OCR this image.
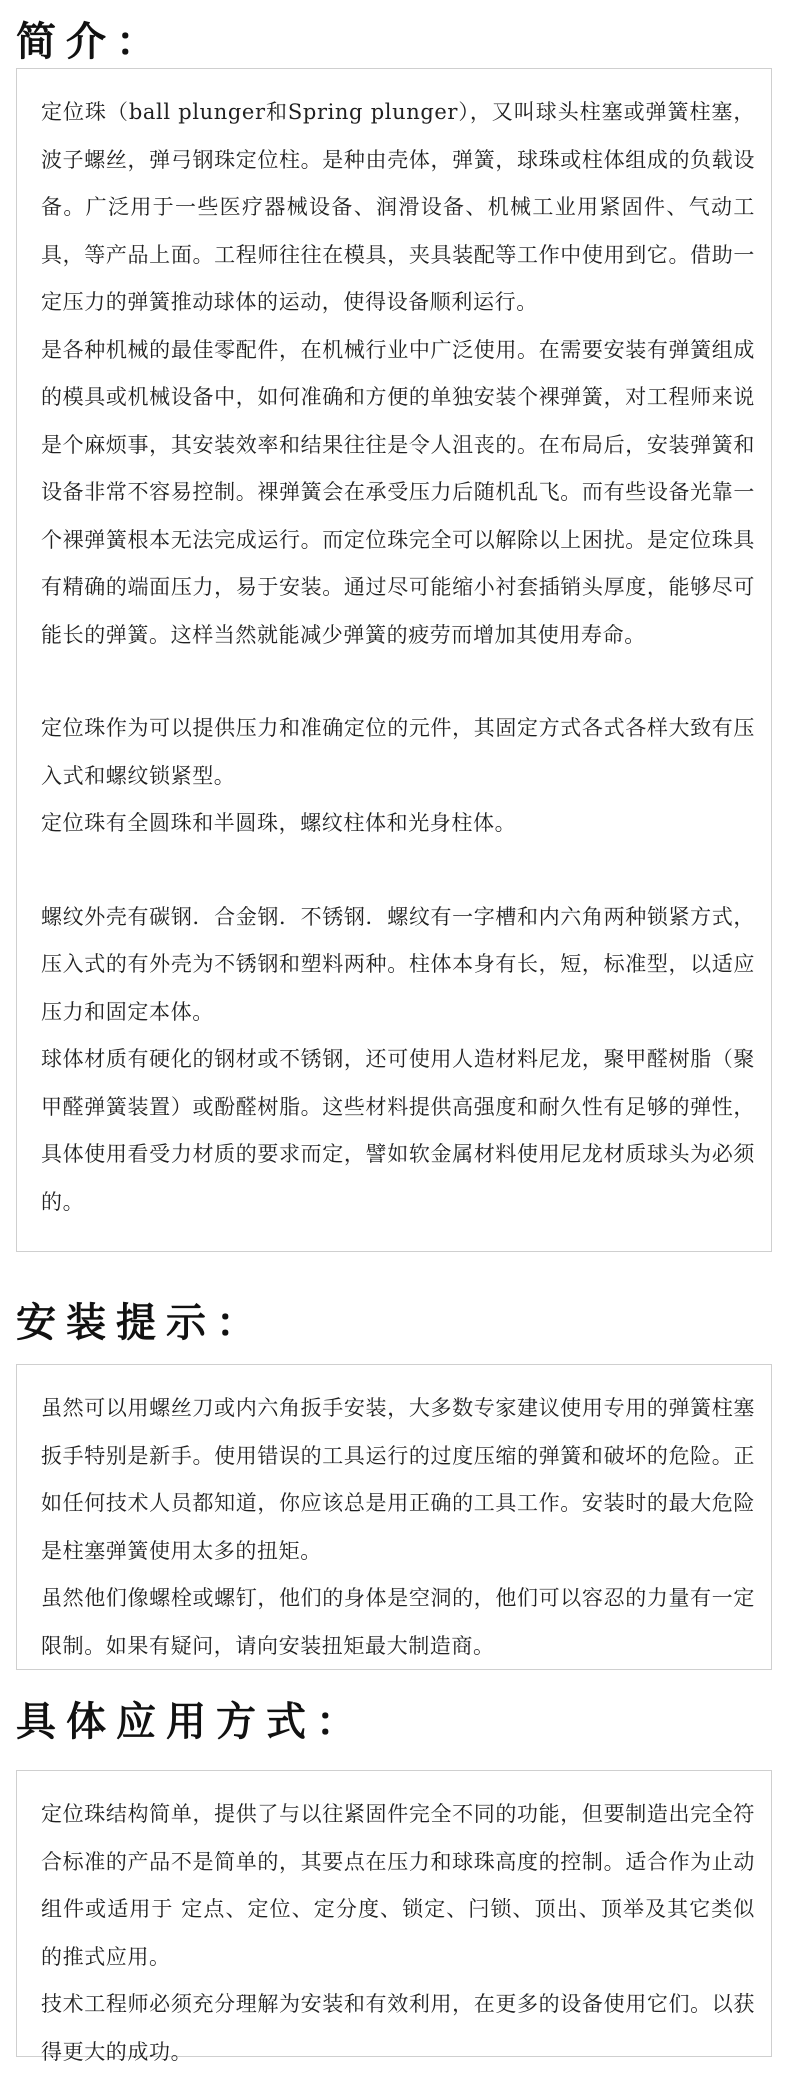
简介：

定位珠（ball plunger和Spring plunger），又叫球头柱塞或弹簧柱塞，波子螺丝，弹弓钢珠定位柱。是种由壳体，弹簧，球珠或柱体组成的负载设备。广泛用于一些医疗器械设备、润滑设备、机械工业用紧固件、气动工具，等产品上面。工程师往往在模具，夹具装配等工作中使用到它。借助一定压力的弹簧推动球体的运动，使得设备顺利运行。

是各种机械的最佳零配件，在机械行业中广泛使用。在需要安装有弹簧组成的模具或机械设备中，如何准确和方便的单独安装个裸弹簧，对工程师来说是个麻烦事，其安装效率和结果往往是令人沮丧的。在布局后，安装弹簧和设备非常不容易控制。裸弹簧会在承受压力后随机乱飞。而有些设备光靠一个裸弹簧根本无法完成运行。而定位珠完全可以解除以上困扰。是定位珠具有精确的端面压力，易于安装。通过尽可能缩小衬套插销头厚度，能够尽可能长的弹簧。这样当然就能减少弹簧的疲劳而增加其使用寿命。

定位珠作为可以提供压力和准确定位的元件，其固定方式各式各样大致有压入式和螺纹锁紧型。

定位珠有全圆珠和半圆珠，螺纹柱体和光身柱体。

螺纹外壳有碳钢．合金钢．不锈钢．螺纹有一字槽和内六角两种锁紧方式，压入式的有外壳为不锈钢和塑料两种。柱体本身有长，短，标准型，以适应压力和固定本体。

球体材质有硬化的钢材或不锈钢，还可使用人造材料尼龙，聚甲醛树脂（聚甲醛弹簧装置）或酚醛树脂。这些材料提供高强度和耐久性有足够的弹性，具体使用看受力材质的要求而定，譬如软金属材料使用尼龙材质球头为必须的。

安装提示：

虽然可以用螺丝刀或内六角扳手安装，大多数专家建议使用专用的弹簧柱塞扳手特别是新手。使用错误的工具运行的过度压缩的弹簧和破坏的危险。正如任何技术人员都知道，你应该总是用正确的工具工作。安装时的最大危险是柱塞弹簧使用太多的扭矩。

虽然他们像螺栓或螺钉，他们的身体是空洞的，他们可以容忍的力量有一定限制。如果有疑问，请向安装扭矩最大制造商。

具体应用方式：

定位珠结构简单，提供了与以往紧固件完全不同的功能，但要制造出完全符合标准的产品不是简单的，其要点在压力和球珠高度的控制。适合作为止动组件或适用于 定点、定位、定分度、锁定、闩锁、顶出、顶举及其它类似的推式应用。

技术工程师必须充分理解为安装和有效利用，在更多的设备使用它们。以获得更大的成功。
